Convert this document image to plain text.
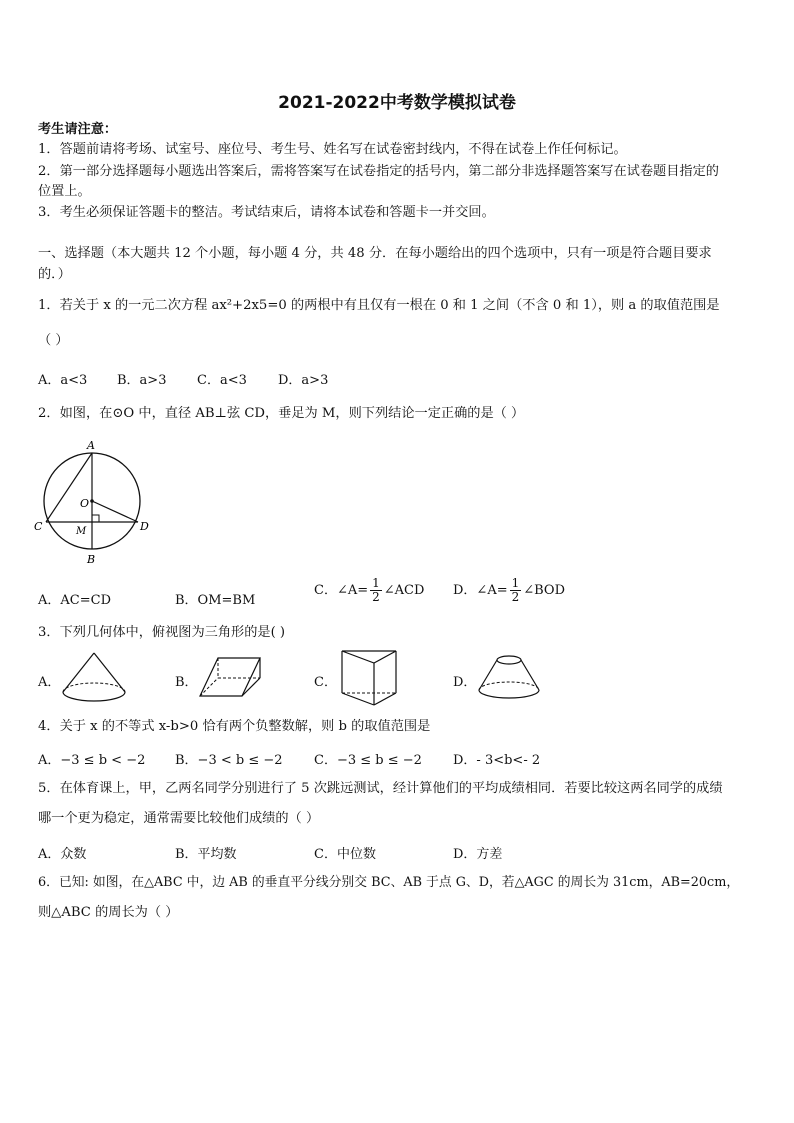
2021-2022中考数学模拟试卷
考生请注意：
1．答题前请将考场、试室号、座位号、考生号、姓名写在试卷密封线内，不得在试卷上作任何标记。
2．第一部分选择题每小题选出答案后，需将答案写在试卷指定的括号内，第二部分非选择题答案写在试卷题目指定的
位置上。
3．考生必须保证答题卡的整洁。考试结束后，请将本试卷和答题卡一并交回。
一、选择题（本大题共 12 个小题，每小题 4 分，共 48 分．在每小题给出的四个选项中，只有一项是符合题目要求
的．）
1．若关于 x 的一元二次方程 ax²+2x5=0 的两根中有且仅有一根在 0 和 1 之间（不含 0 和 1），则 a 的取值范围是
（ ）
A．a<3 B．a>3 C．a<3 D．a>3
2．如图，在⊙O 中，直径 AB⊥弦 CD，垂足为 M，则下列结论一定正确的是（ ）
A
O
C	M	D
B
A．AC=CD	B．OM=BM
C．∠A= $\frac{1}{2}$ ∠ACD D．∠A= $\frac{1}{2}$ ∠BOD
3．下列几何体中，俯视图为三角形的是( )
A．	B．	C．	D．
4．关于 x 的不等式 x-b>0 恰有两个负整数解，则 b 的取值范围是
A．−3 ≤ b < −2 B．−3 < b ≤ −2 C．−3 ≤ b ≤ −2 D．- 3<b<- 2
5．在体育课上，甲，乙两名同学分别进行了 5 次跳远测试，经计算他们的平均成绩相同．若要比较这两名同学的成绩
哪一个更为稳定，通常需要比较他们成绩的（ ）
A．众数	B．平均数	C．中位数	D．方差
6．已知: 如图，在△ABC 中，边 AB 的垂直平分线分别交 BC、AB 于点 G、D，若△AGC 的周长为 31cm，AB=20cm，
则△ABC 的周长为（ ）
